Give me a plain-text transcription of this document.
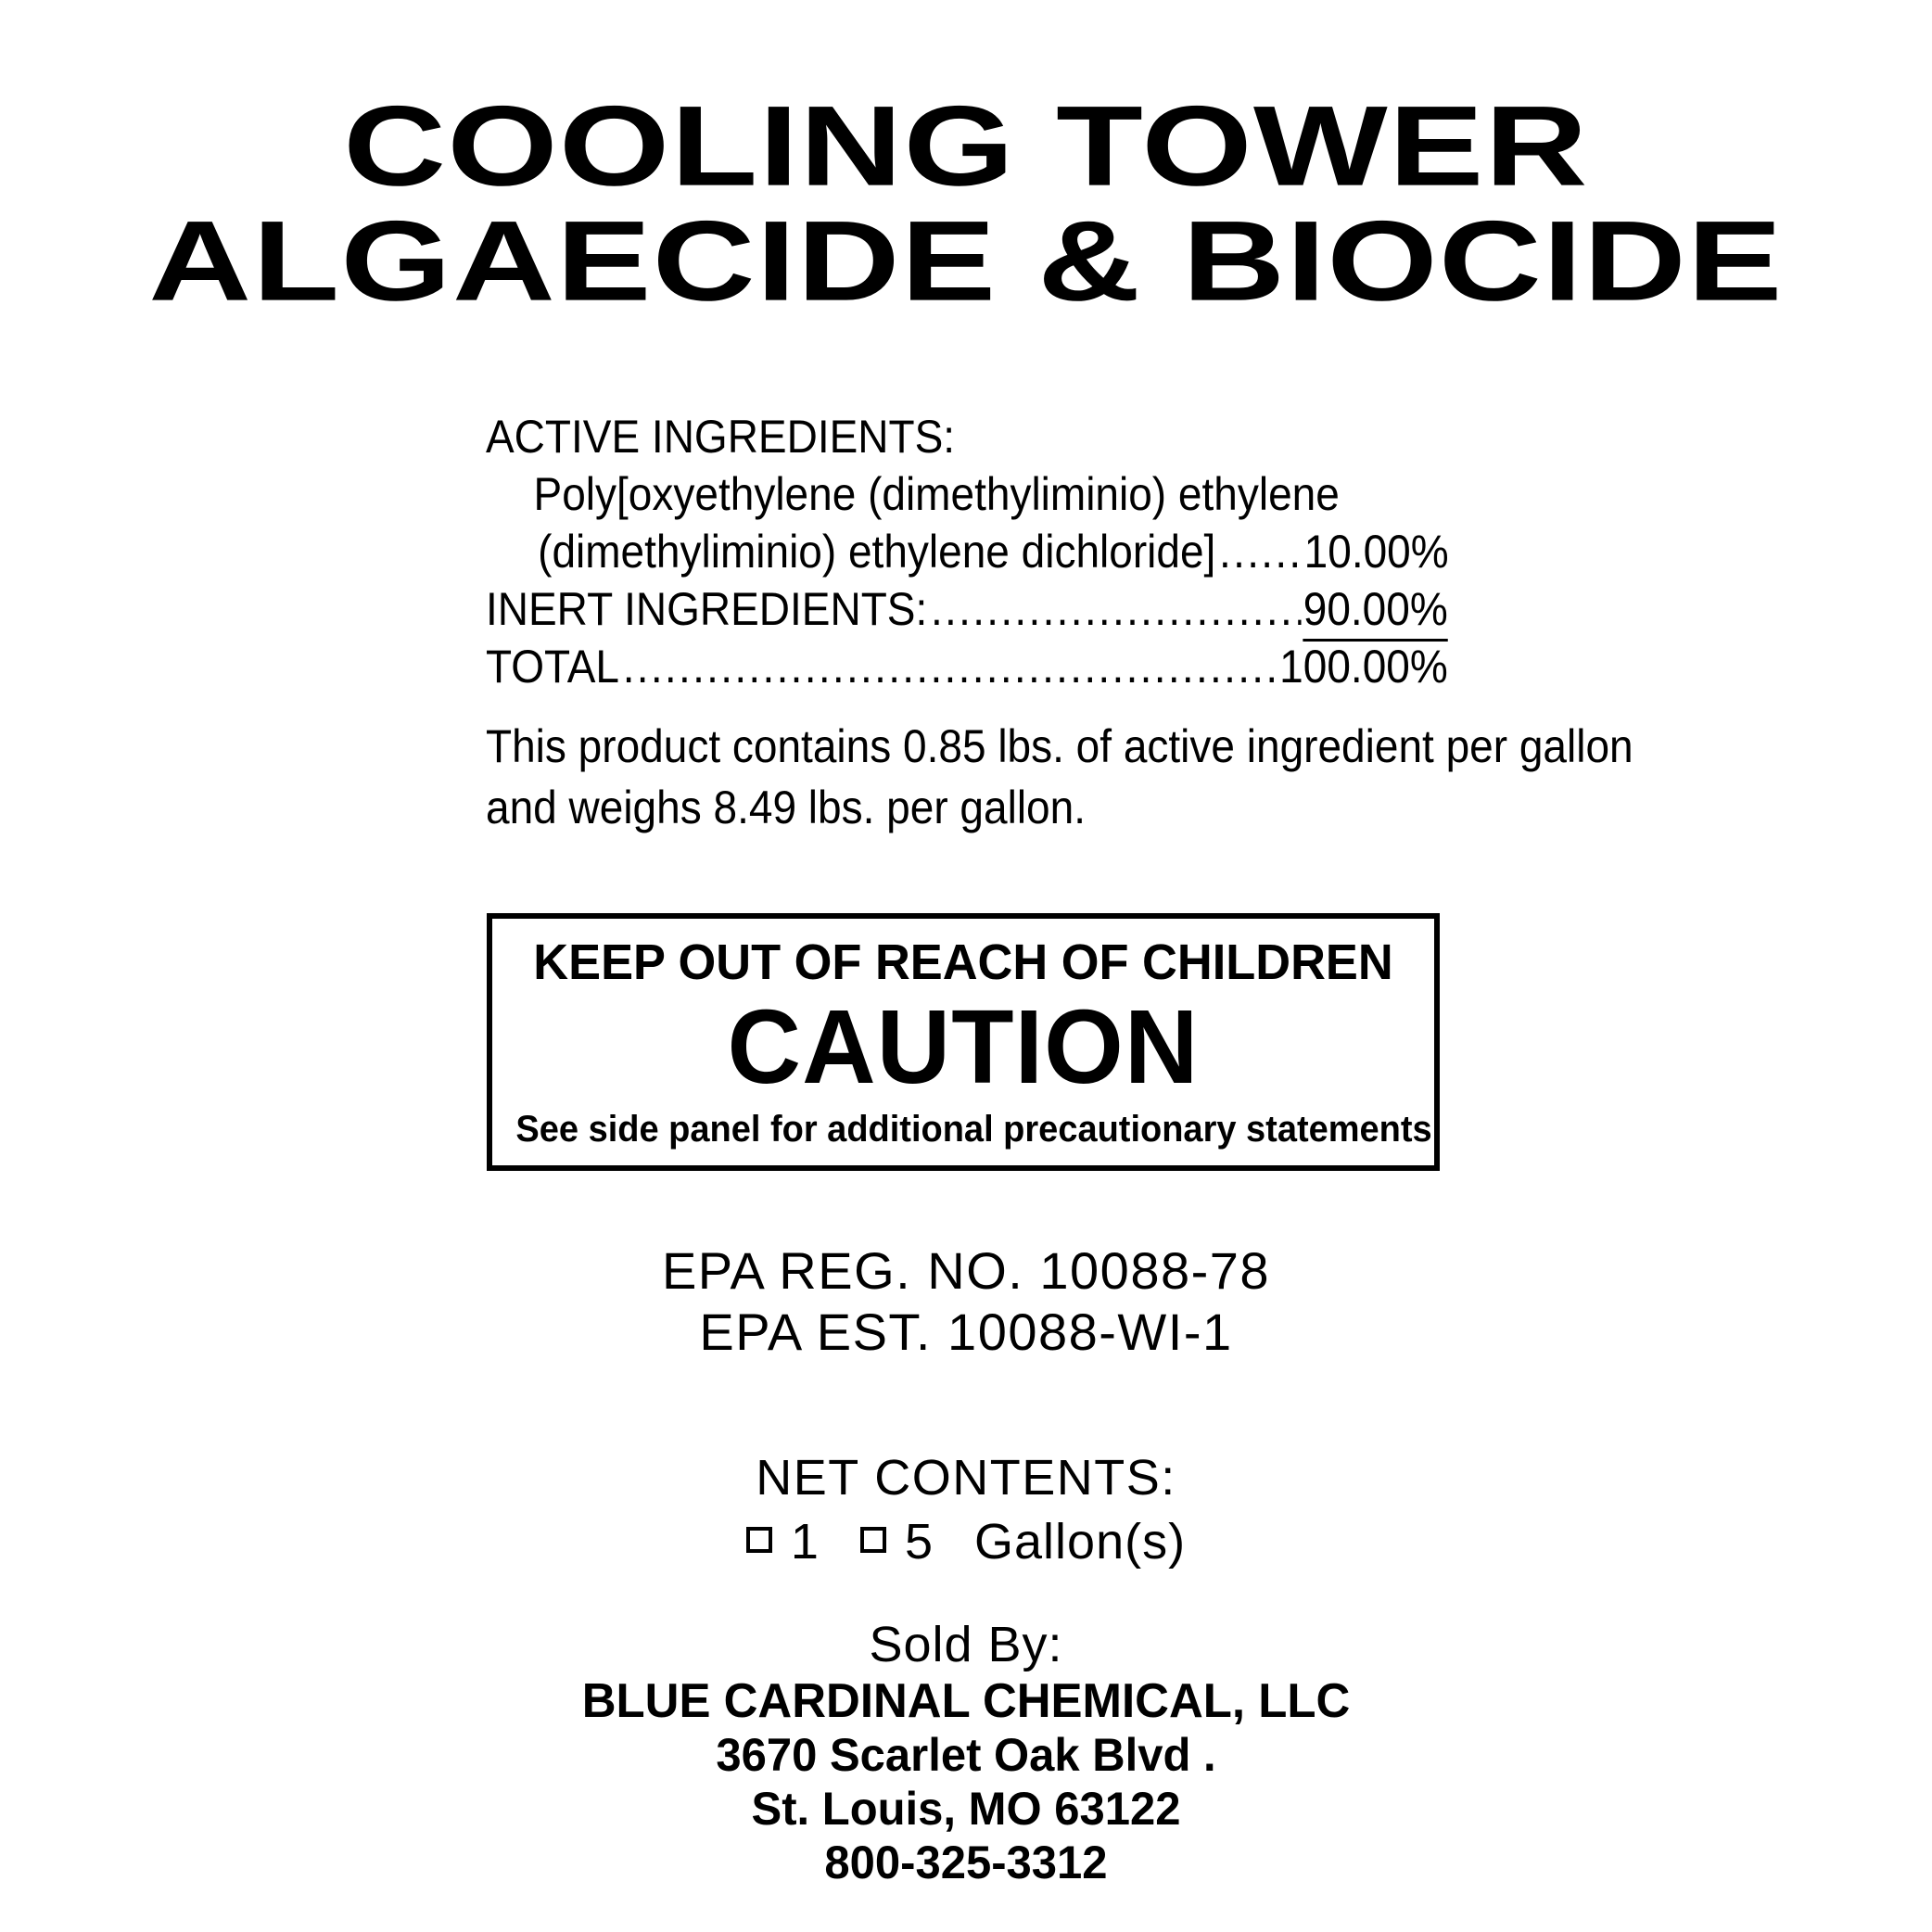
COOLING TOWER
ALGAECIDE & BIOCIDE
ACTIVE INGREDIENTS:
Poly[oxyethylene (dimethyliminio) ethylene
(dimethyliminio) ethylene dichloride] ..... 10.00%
INERT INGREDIENTS: .....	90.00%
TOTAL .....	100.00%
This product contains 0.85 lbs. of active ingredient per gallon
and weighs 8.49 lbs. per gallon.
KEEP OUT OF REACH OF CHILDREN
CAUTION
See side panel for additional precautionary statements.
EPA REG. NO. 10088-78
EPA EST. 10088-WI-1
NET CONTENTS:
1 5 Gallon(s)
Sold By:
BLUE CARDINAL CHEMICAL, LLC
3670 Scarlet Oak Blvd .
St. Louis, MO 63122
800-325-3312
